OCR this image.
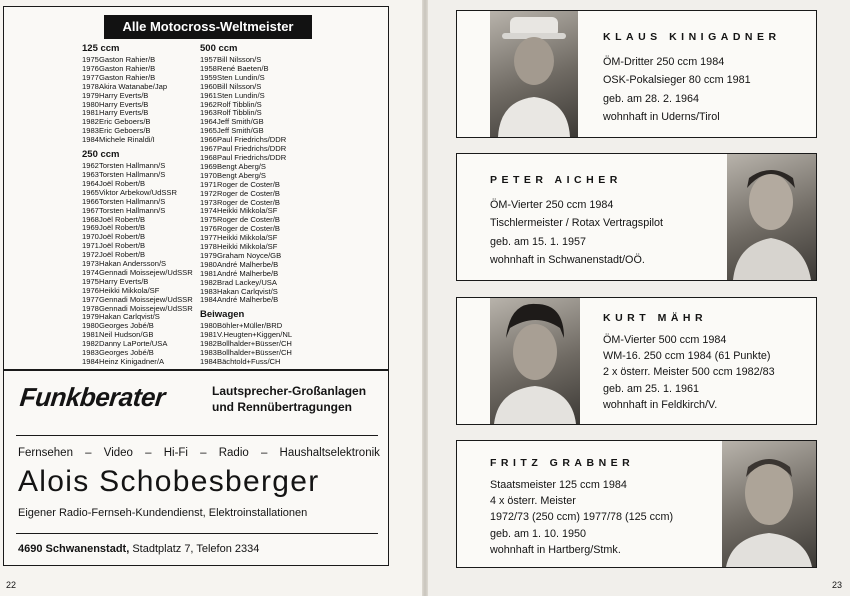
Alle Motocross-Weltmeister
125 ccm
1975 Gaston Rahier/B
1976 Gaston Rahier/B
1977 Gaston Rahier/B
1978 Akira Watanabe/Jap
1979 Harry Everts/B
1980 Harry Everts/B
1981 Harry Everts/B
1982 Eric Geboers/B
1983 Eric Geboers/B
1984 Michele Rinaldi/I
250 ccm
1962 Torsten Hallmann/S
1963 Torsten Hallmann/S
1964 Joël Robert/B
1965 Viktor Arbekow/UdSSR
1966 Torsten Hallmann/S
1967 Torsten Hallmann/S
1968 Joël Robert/B
1969 Joël Robert/B
1970 Joël Robert/B
1971 Joël Robert/B
1972 Joël Robert/B
1973 Hakan Andersson/S
1974 Gennadi Moissejew/UdSSR
1975 Harry Everts/B
1976 Heikki Mikkola/SF
1977 Gennadi Moissejew/UdSSR
1978 Gennadi Moissejew/UdSSR
1979 Hakan Carlqvist/S
1980 Georges Jobé/B
1981 Neil Hudson/GB
1982 Danny LaPorte/USA
1983 Georges Jobé/B
1984 Heinz Kinigadner/A
500 ccm
1957 Bill Nilsson/S
1958 René Baeten/B
1959 Sten Lundin/S
1960 Bill Nilsson/S
1961 Sten Lundin/S
1962 Rolf Tibblin/S
1963 Rolf Tibblin/S
1964 Jeff Smith/GB
1965 Jeff Smith/GB
1966 Paul Friedrichs/DDR
1967 Paul Friedrichs/DDR
1968 Paul Friedrichs/DDR
1969 Bengt Aberg/S
1970 Bengt Aberg/S
1971 Roger de Coster/B
1972 Roger de Coster/B
1973 Roger de Coster/B
1974 Heikki Mikkola/SF
1975 Roger de Coster/B
1976 Roger de Coster/B
1977 Heikki Mikkola/SF
1978 Heikki Mikkola/SF
1979 Graham Noyce/GB
1980 André Malherbe/B
1981 André Malherbe/B
1982 Brad Lackey/USA
1983 Hakan Carlqvist/S
1984 André Malherbe/B
Beiwagen
1980 Böhler+Müller/BRD
1981 V.Heugten+Kiggen/NL
1982 Bollhalder+Büsser/CH
1983 Bollhalder+Büsser/CH
1984 Bächtold+Fuss/CH
Funkberater	Lautsprecher-Großanlagen
und Rennübertragungen
Fernsehen – Video – Hi-Fi – Radio – Haushaltselektronik
Alois Schobesberger
Eigener Radio-Fernseh-Kundendienst, Elektroinstallationen
4690 Schwanenstadt, Stadtplatz 7, Telefon 2334
22	23
KLAUS KINIGADNER
ÖM-Dritter 250 ccm 1984
OSK-Pokalsieger 80 ccm 1981
geb. am 28. 2. 1964
wohnhaft in Uderns/Tirol
PETER AICHER
ÖM-Vierter 250 ccm 1984
Tischlermeister / Rotax Vertragspilot
geb. am 15. 1. 1957
wohnhaft in Schwanenstadt/OÖ.
KURT MÄHR
ÖM-Vierter 500 ccm 1984
WM-16. 250 ccm 1984 (61 Punkte)
2 x österr. Meister 500 ccm 1982/83
geb. am 25. 1. 1961
wohnhaft in Feldkirch/V.
FRITZ GRABNER
Staatsmeister 125 ccm 1984
4 x österr. Meister
1972/73 (250 ccm) 1977/78 (125 ccm)
geb. am 1. 10. 1950
wohnhaft in Hartberg/Stmk.
